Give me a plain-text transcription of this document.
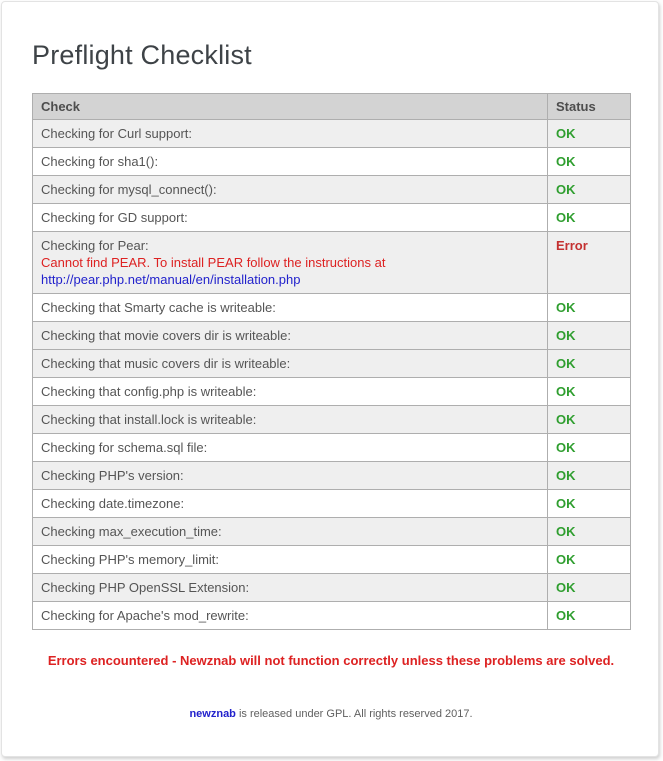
Preflight Checklist
Check	Status

Checking for Curl support:	OK

Checking for sha1():	OK

Checking for mysql_connect():	OK

Checking for GD support:	OK

Checking for Pear:
Cannot find PEAR. To install PEAR follow the instructions at
http://pear.php.net/manual/en/installation.php	Error

Checking that Smarty cache is writeable:	OK

Checking that movie covers dir is writeable:	OK

Checking that music covers dir is writeable:	OK

Checking that config.php is writeable:	OK

Checking that install.lock is writeable:	OK

Checking for schema.sql file:	OK

Checking PHP's version:	OK

Checking date.timezone:	OK

Checking max_execution_time:	OK

Checking PHP's memory_limit:	OK

Checking PHP OpenSSL Extension:	OK

Checking for Apache's mod_rewrite:	OK
Errors encountered - Newznab will not function correctly unless these problems are solved.
newznab is released under GPL. All rights reserved 2017.
